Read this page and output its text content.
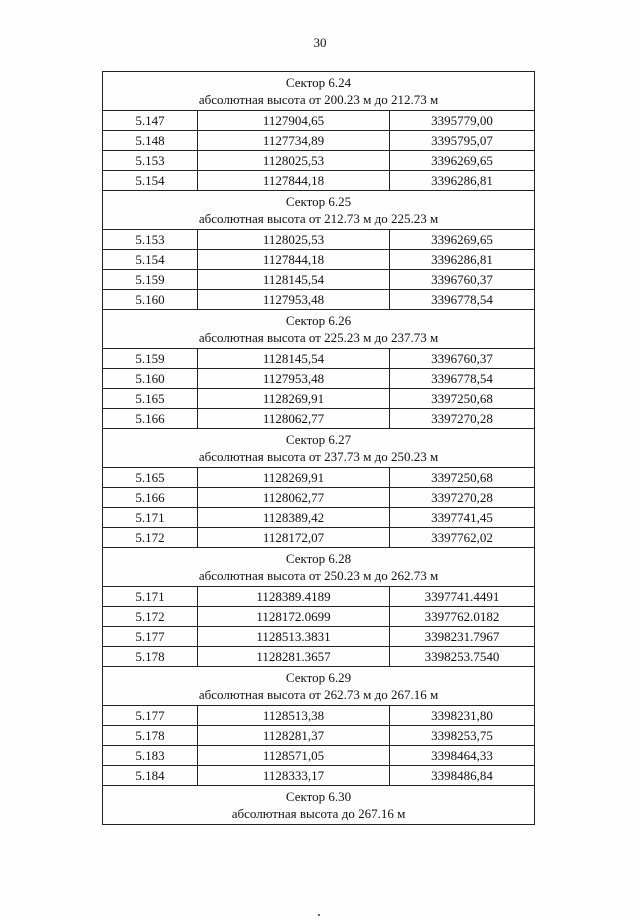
30
Сектор 6.24
абсолютная высота от 200.23 м до 212.73 м		

5.147	1127904,65	3395779,00
5.148	1127734,89	3395795,07
5.153	1128025,53	3396269,65
5.154	1127844,18	3396286,81

Сектор 6.25
абсолютная высота от 212.73 м до 225.23 м		

5.153	1128025,53	3396269,65
5.154	1127844,18	3396286,81
5.159	1128145,54	3396760,37
5.160	1127953,48	3396778,54

Сектор 6.26
абсолютная высота от 225.23 м до 237.73 м		

5.159	1128145,54	3396760,37
5.160	1127953,48	3396778,54
5.165	1128269,91	3397250,68
5.166	1128062,77	3397270,28

Сектор 6.27
абсолютная высота от 237.73 м до 250.23 м		

5.165	1128269,91	3397250,68
5.166	1128062,77	3397270,28
5.171	1128389,42	3397741,45
5.172	1128172,07	3397762,02

Сектор 6.28
абсолютная высота от 250.23 м до 262.73 м		

5.171	1128389.4189	3397741.4491
5.172	1128172.0699	3397762.0182
5.177	1128513.3831	3398231.7967
5.178	1128281.3657	3398253.7540

Сектор 6.29
абсолютная высота от 262.73 м до 267.16 м		

5.177	1128513,38	3398231,80
5.178	1128281,37	3398253,75
5.183	1128571,05	3398464,33
5.184	1128333,17	3398486,84

Сектор 6.30
абсолютная высота до 267.16 м		
